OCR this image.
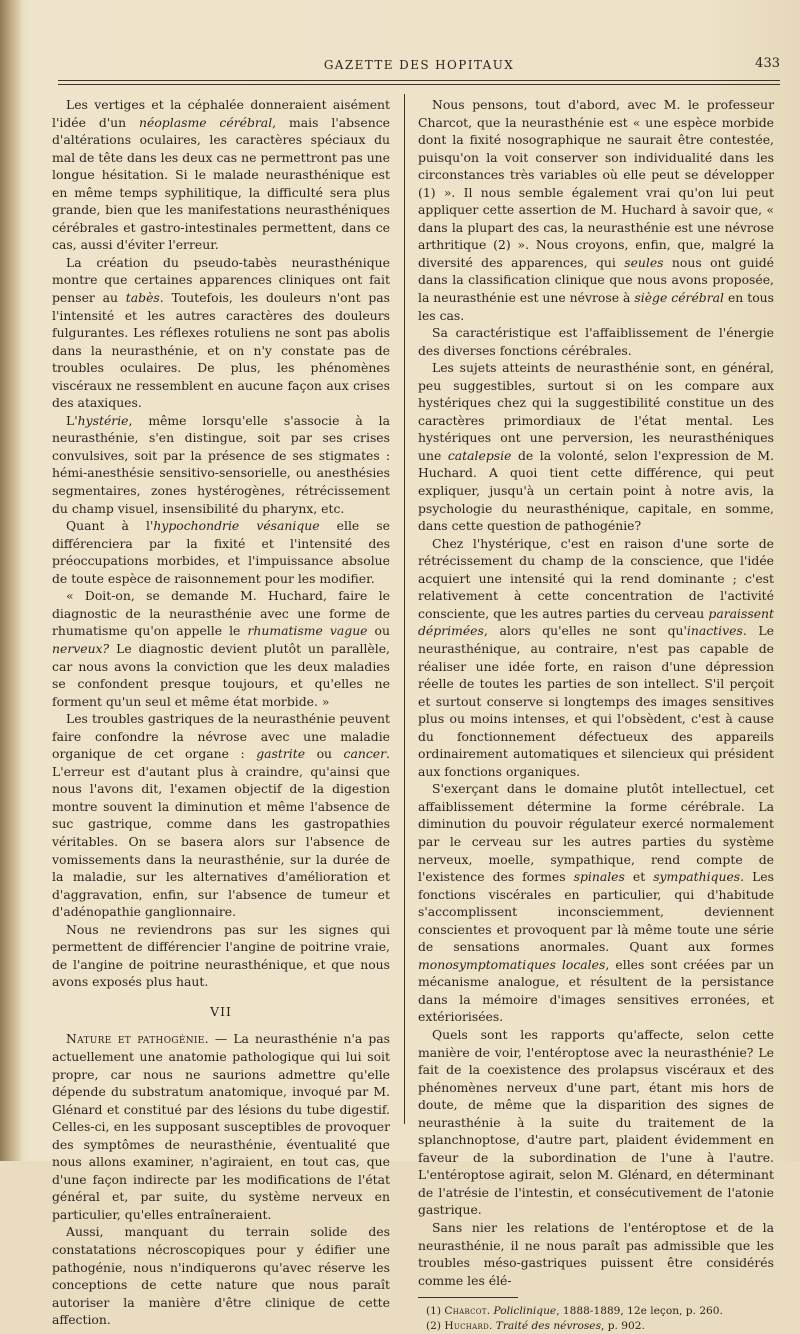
GAZETTE DES HOPITAUX	433

Les vertiges et la céphalée donneraient aisément l'idée d'un néoplasme cérébral, mais l'absence d'altérations oculaires, les caractères spéciaux du mal de tête dans les deux cas ne permettront pas une longue hésitation. Si le malade neurasthénique est en même temps syphilitique, la difficulté sera plus grande, bien que les manifestations neurasthéniques cérébrales et gastro-intestinales permettent, dans ce cas, aussi d'éviter l'erreur.

La création du pseudo-tabès neurasthénique montre que certaines apparences cliniques ont fait penser au tabès. Toutefois, les douleurs n'ont pas l'intensité et les autres caractères des douleurs fulgurantes. Les réflexes rotuliens ne sont pas abolis dans la neurasthénie, et on n'y constate pas de troubles oculaires. De plus, les phénomènes viscéraux ne ressemblent en aucune façon aux crises des ataxiques.

L'hystérie, même lorsqu'elle s'associe à la neurasthénie, s'en distingue, soit par ses crises convulsives, soit par la présence de ses stigmates : hémi-anesthésie sensitivo-sensorielle, ou anesthésies segmentaires, zones hystérogènes, rétrécissement du champ visuel, insensibilité du pharynx, etc.

Quant à l'hypochondrie vésanique elle se différenciera par la fixité et l'intensité des préoccupations morbides, et l'impuissance absolue de toute espèce de raisonnement pour les modifier.

« Doit-on, se demande M. Huchard, faire le diagnostic de la neurasthénie avec une forme de rhumatisme qu'on appelle le rhumatisme vague ou nerveux? Le diagnostic devient plutôt un parallèle, car nous avons la conviction que les deux maladies se confondent presque toujours, et qu'elles ne forment qu'un seul et même état morbide. »

Les troubles gastriques de la neurasthénie peuvent faire confondre la névrose avec une maladie organique de cet organe : gastrite ou cancer. L'erreur est d'autant plus à craindre, qu'ainsi que nous l'avons dit, l'examen objectif de la digestion montre souvent la diminution et même l'absence de suc gastrique, comme dans les gastropathies véritables. On se basera alors sur l'absence de vomissements dans la neurasthénie, sur la durée de la maladie, sur les alternatives d'amélioration et d'aggravation, enfin, sur l'absence de tumeur et d'adénopathie ganglionnaire.

Nous ne reviendrons pas sur les signes qui permettent de différencier l'angine de poitrine vraie, de l'angine de poitrine neurasthénique, et que nous avons exposés plus haut.

VII

Nature et pathogénie. — La neurasthénie n'a pas actuellement une anatomie pathologique qui lui soit propre, car nous ne saurions admettre qu'elle dépende du substratum anatomique, invoqué par M. Glénard et constitué par des lésions du tube digestif. Celles-ci, en les supposant susceptibles de provoquer des symptômes de neurasthénie, éventualité que nous allons examiner, n'agiraient, en tout cas, que d'une façon indirecte par les modifications de l'état général et, par suite, du système nerveux en particulier, qu'elles entraîneraient.

Aussi, manquant du terrain solide des constatations nécroscopiques pour y édifier une pathogénie, nous n'indiquerons qu'avec réserve les conceptions de cette nature que nous paraît autoriser la manière d'être clinique de cette affection.

Nous pensons, tout d'abord, avec M. le professeur Charcot, que la neurasthénie est « une espèce morbide dont la fixité nosographique ne saurait être contestée, puisqu'on la voit conserver son individualité dans les circonstances très variables où elle peut se développer (1) ». Il nous semble également vrai qu'on lui peut appliquer cette assertion de M. Huchard à savoir que, « dans la plupart des cas, la neurasthénie est une névrose arthritique (2) ». Nous croyons, enfin, que, malgré la diversité des apparences, qui seules nous ont guidé dans la classification clinique que nous avons proposée, la neurasthénie est une névrose à siège cérébral en tous les cas.

Sa caractéristique est l'affaiblissement de l'énergie des diverses fonctions cérébrales.

Les sujets atteints de neurasthénie sont, en général, peu suggestibles, surtout si on les compare aux hystériques chez qui la suggestibilité constitue un des caractères primordiaux de l'état mental. Les hystériques ont une perversion, les neurasthéniques une catalepsie de la volonté, selon l'expression de M. Huchard. A quoi tient cette différence, qui peut expliquer, jusqu'à un certain point à notre avis, la psychologie du neurasthénique, capitale, en somme, dans cette question de pathogénie?

Chez l'hystérique, c'est en raison d'une sorte de rétrécissement du champ de la conscience, que l'idée acquiert une intensité qui la rend dominante ; c'est relativement à cette concentration de l'activité consciente, que les autres parties du cerveau paraissent déprimées, alors qu'elles ne sont qu'inactives. Le neurasthénique, au contraire, n'est pas capable de réaliser une idée forte, en raison d'une dépression réelle de toutes les parties de son intellect. S'il perçoit et surtout conserve si longtemps des images sensitives plus ou moins intenses, et qui l'obsèdent, c'est à cause du fonctionnement défectueux des appareils ordinairement automatiques et silencieux qui président aux fonctions organiques.

S'exerçant dans le domaine plutôt intellectuel, cet affaiblissement détermine la forme cérébrale. La diminution du pouvoir régulateur exercé normalement par le cerveau sur les autres parties du système nerveux, moelle, sympathique, rend compte de l'existence des formes spinales et sympathiques. Les fonctions viscérales en particulier, qui d'habitude s'accomplissent inconsciemment, deviennent conscientes et provoquent par là même toute une série de sensations anormales. Quant aux formes monosymptomatiques locales, elles sont créées par un mécanisme analogue, et résultent de la persistance dans la mémoire d'images sensitives erronées, et extériorisées.

Quels sont les rapports qu'affecte, selon cette manière de voir, l'entéroptose avec la neurasthénie? Le fait de la coexistence des prolapsus viscéraux et des phénomènes nerveux d'une part, étant mis hors de doute, de même que la disparition des signes de neurasthénie à la suite du traitement de la splanchnoptose, d'autre part, plaident évidemment en faveur de la subordination de l'une à l'autre. L'entéroptose agirait, selon M. Glénard, en déterminant de l'atrésie de l'intestin, et consécutivement de l'atonie gastrique.

Sans nier les relations de l'entéroptose et de la neurasthénie, il ne nous paraît pas admissible que les troubles méso-gastriques puissent être considérés comme les élé-

(1) Charcot. Policlinique, 1888-1889, 12e leçon, p. 260.
(2) Huchard. Traité des névroses, p. 902.
